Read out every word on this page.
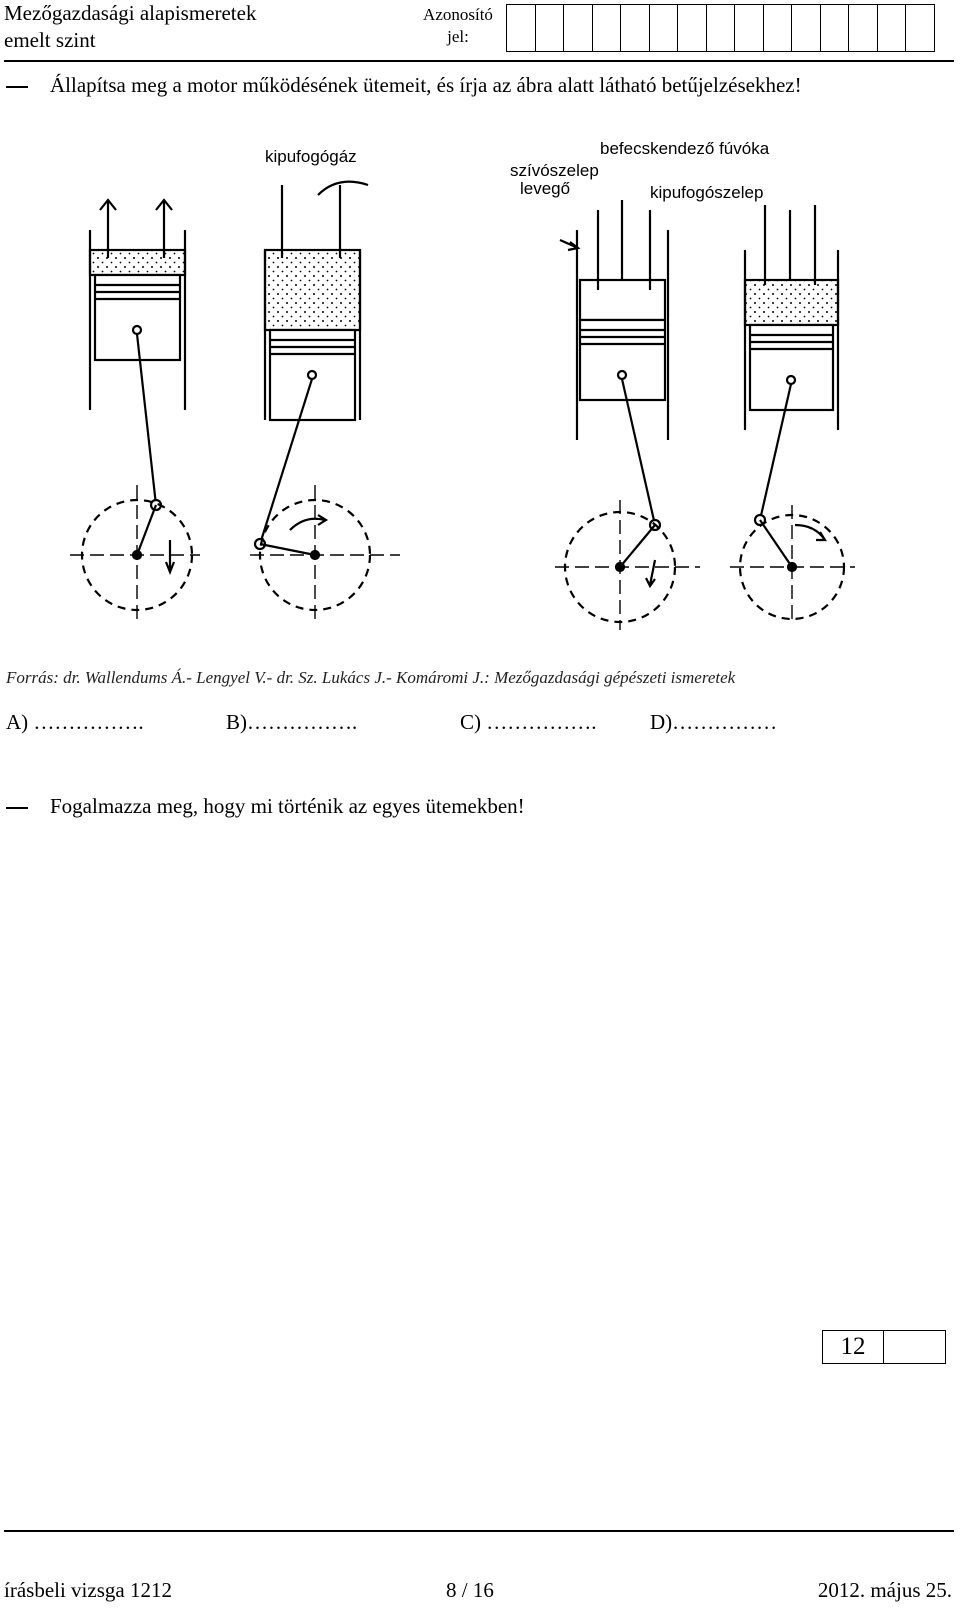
Mezőgazdasági alapismeretek
emelt szint
Azonosító
jel:
Állapítsa meg a motor működésének ütemeit, és írja az ábra alatt látható betűjelzésekhez!
kipufogógáz	befecskendező fúvóka
szívószelep
levegő	kipufogószelep
Forrás: dr. Wallendums Á.- Lengyel V.- dr. Sz. Lukács J.- Komáromi J.: Mezőgazdasági gépészeti ismeretek
A) …………….	B)…………….	C) …………….	D)……………
Fogalmazza meg, hogy mi történik az egyes ütemekben!
12
írásbeli vizsga 1212	8 / 16	2012. május 25.
